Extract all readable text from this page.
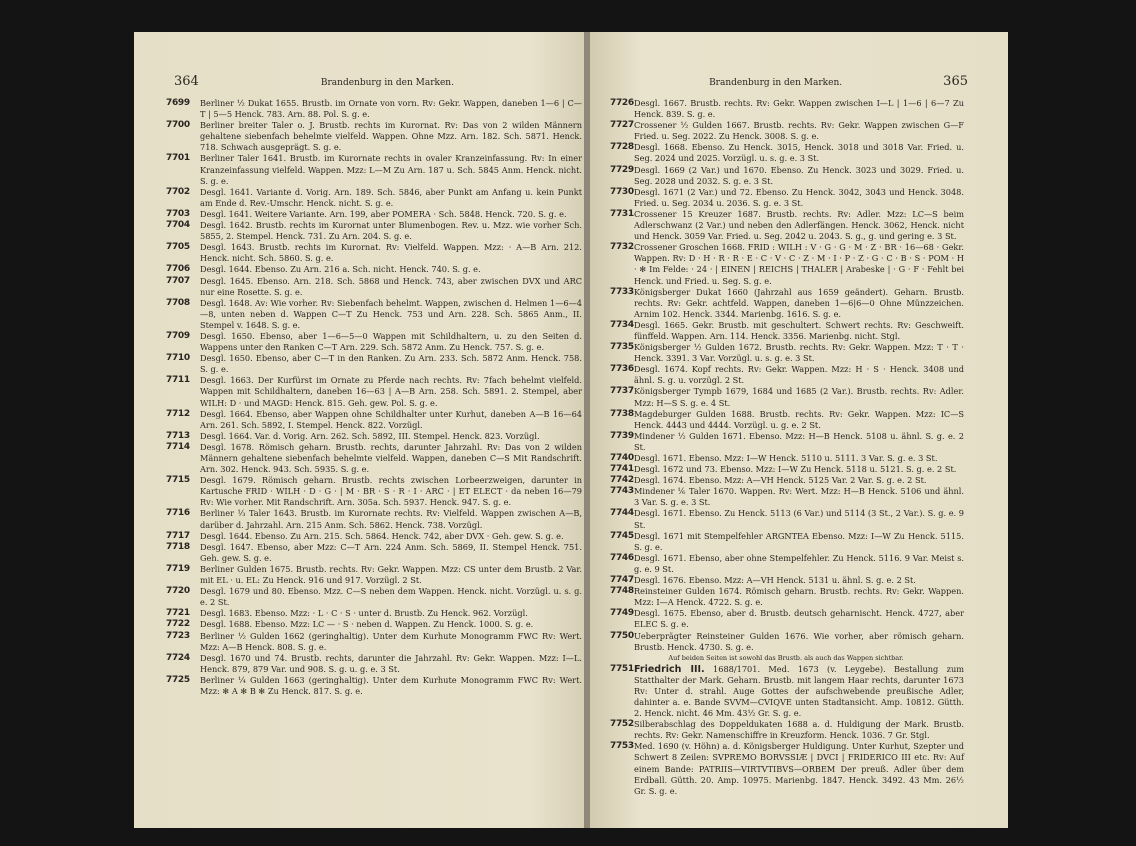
364	Brandenburg in den Marken.

7699 Berliner ½ Dukat 1655. Brustb. im Ornate von vorn. Rv: Gekr. Wappen, daneben 1—6 | C—T | 5—5 Henck. 783. Arn. 88. Pol. S. g. e.

7700 Berliner breiter Taler o. J. Brustb. rechts im Kurornat. Rv: Das von 2 wilden Männern gehaltene siebenfach behelmte vielfeld. Wappen. Ohne Mzz. Arn. 182. Sch. 5871. Henck. 718. Schwach ausgeprägt. S. g. e.

7701 Berliner Taler 1641. Brustb. im Kurornate rechts in ovaler Kranzeinfassung. Rv: In einer Kranzeinfassung vielfeld. Wappen. Mzz: L—M Zu Arn. 187 u. Sch. 5845 Anm. Henck. nicht. S. g. e.

7702 Desgl. 1641. Variante d. Vorig. Arn. 189. Sch. 5846, aber Punkt am Anfang u. kein Punkt am Ende d. Rev.-Umschr. Henck. nicht. S. g. e.

7703 Desgl. 1641. Weitere Variante. Arn. 199, aber POMERA · Sch. 5848. Henck. 720. S. g. e.

7704 Desgl. 1642. Brustb. rechts im Kurornat unter Blumenbogen. Rev. u. Mzz. wie vorher Sch. 5855, 2. Stempel. Henck. 731. Zu Arn. 204. S. g. e.

7705 Desgl. 1643. Brustb. rechts im Kurornat. Rv: Vielfeld. Wappen. Mzz: · A—B Arn. 212. Henck. nicht. Sch. 5860. S. g. e.

7706 Desgl. 1644. Ebenso. Zu Arn. 216 a. Sch. nicht. Henck. 740. S. g. e.

7707 Desgl. 1645. Ebenso. Arn. 218. Sch. 5868 und Henck. 743, aber zwischen DVX und ARC nur eine Rosette. S. g. e.

7708 Desgl. 1648. Av: Wie vorher. Rv: Siebenfach behelmt. Wappen, zwischen d. Helmen 1—6—4—8, unten neben d. Wappen C—T Zu Henck. 753 und Arn. 228. Sch. 5865 Anm., II. Stempel v. 1648. S. g. e.

7709 Desgl. 1650. Ebenso, aber 1—6—5—0 Wappen mit Schildhaltern, u. zu den Seiten d. Wappens unter den Ranken C—T Arn. 229. Sch. 5872 Anm. Zu Henck. 757. S. g. e.

7710 Desgl. 1650. Ebenso, aber C—T in den Ranken. Zu Arn. 233. Sch. 5872 Anm. Henck. 758. S. g. e.

7711 Desgl. 1663. Der Kurfürst im Ornate zu Pferde nach rechts. Rv: 7fach behelmt vielfeld. Wappen mit Schildhaltern, daneben 16—63 | A—B Arn. 258. Sch. 5891. 2. Stempel, aber WILH: D · und MAGD: Henck. 815. Geh. gew. Pol. S. g. e.

7712 Desgl. 1664. Ebenso, aber Wappen ohne Schildhalter unter Kurhut, daneben A—B 16—64 Arn. 261. Sch. 5892, I. Stempel. Henck. 822. Vorzügl.

7713 Desgl. 1664. Var. d. Vorig. Arn. 262. Sch. 5892, III. Stempel. Henck. 823. Vorzügl.

7714 Desgl. 1678. Römisch geharn. Brustb. rechts, darunter Jahrzahl. Rv: Das von 2 wilden Männern gehaltene siebenfach behelmte vielfeld. Wappen, daneben C—S Mit Randschrift. Arn. 302. Henck. 943. Sch. 5935. S. g. e.

7715 Desgl. 1679. Römisch geharn. Brustb. rechts zwischen Lorbeerzweigen, darunter in Kartusche FRID · WILH · D · G · | M · BR · S · R · I · ARC · | ET ELECT · da neben 16—79 Rv: Wie vorher. Mit Randschrift. Arn. 305a. Sch. 5937. Henck. 947. S. g. e.

7716 Berliner ⅓ Taler 1643. Brustb. im Kurornate rechts. Rv: Vielfeld. Wappen zwischen A—B, darüber d. Jahrzahl. Arn. 215 Anm. Sch. 5862. Henck. 738. Vorzügl.

7717 Desgl. 1644. Ebenso. Zu Arn. 215. Sch. 5864. Henck. 742, aber DVX · Geh. gew. S. g. e.

7718 Desgl. 1647. Ebenso, aber Mzz: C—T Arn. 224 Anm. Sch. 5869, II. Stempel Henck. 751. Geh. gew. S. g. e.

7719 Berliner Gulden 1675. Brustb. rechts. Rv: Gekr. Wappen. Mzz: CS unter dem Brustb. 2 Var. mit EL · u. EL: Zu Henck. 916 und 917. Vorzügl. 2 St.

7720 Desgl. 1679 und 80. Ebenso. Mzz. C—S neben dem Wappen. Henck. nicht. Vorzügl. u. s. g. e. 2 St.

7721 Desgl. 1683. Ebenso. Mzz: · L · C · S · unter d. Brustb. Zu Henck. 962. Vorzügl.

7722 Desgl. 1688. Ebenso. Mzz: LC — · S · neben d. Wappen. Zu Henck. 1000. S. g. e.

7723 Berliner ½ Gulden 1662 (geringhaltig). Unter dem Kurhute Monogramm FWC Rv: Wert. Mzz: A—B Henck. 808. S. g. e.

7724 Desgl. 1670 und 74. Brustb. rechts, darunter die Jahrzahl. Rv: Gekr. Wappen. Mzz: I—L. Henck. 879, 879 Var. und 908. S. g. u. g. e. 3 St.

7725 Berliner ¼ Gulden 1663 (geringhaltig). Unter dem Kurhute Monogramm FWC Rv: Wert. Mzz: ✻ A ✻ B ✻ Zu Henck. 817. S. g. e.

Brandenburg in den Marken.	365

7726 Desgl. 1667. Brustb. rechts. Rv: Gekr. Wappen zwischen I—L | 1—6 | 6—7 Zu Henck. 839. S. g. e.

7727 Crossener ½ Gulden 1667. Brustb. rechts. Rv: Gekr. Wappen zwischen G—F Fried. u. Seg. 2022. Zu Henck. 3008. S. g. e.

7728 Desgl. 1668. Ebenso. Zu Henck. 3015, Henck. 3018 und 3018 Var. Fried. u. Seg. 2024 und 2025. Vorzügl. u. s. g. e. 3 St.

7729 Desgl. 1669 (2 Var.) und 1670. Ebenso. Zu Henck. 3023 und 3029. Fried. u. Seg. 2028 und 2032. S. g. e. 3 St.

7730 Desgl. 1671 (2 Var.) und 72. Ebenso. Zu Henck. 3042, 3043 und Henck. 3048. Fried. u. Seg. 2034 u. 2036. S. g. e. 3 St.

7731 Crossener 15 Kreuzer 1687. Brustb. rechts. Rv: Adler. Mzz: LC—S beim Adlerschwanz (2 Var.) und neben den Adlerfängen. Henck. 3062, Henck. nicht und Henck. 3059 Var. Fried. u. Seg. 2042 u. 2043. S. g., g. und gering e. 3 St.

7732 Crossener Groschen 1668. FRID : WILH : V · G · G · M · Z · BR · 16—68 · Gekr. Wappen. Rv: D · H · R · R · E · C · V · C · Z · M · I · P · Z · G · C · B · S · POM · H · ✻ Im Felde: · 24 · | EINEN | REICHS | THALER | Arabeske | · G · F · Fehlt bei Henck. und Fried. u. Seg. S. g. e.

7733 Königsberger Dukat 1660 (Jahrzahl aus 1659 geändert). Geharn. Brustb. rechts. Rv: Gekr. achtfeld. Wappen, daneben 1—6|6—0 Ohne Münzzeichen. Arnim 102. Henck. 3344. Marienbg. 1616. S. g. e.

7734 Desgl. 1665. Gekr. Brustb. mit geschultert. Schwert rechts. Rv: Geschweift. fünffeld. Wappen. Arn. 114. Henck. 3356. Marienbg. nicht. Stgl.

7735 Königsberger ½ Gulden 1672. Brustb. rechts. Rv: Gekr. Wappen. Mzz: T · T · Henck. 3391. 3 Var. Vorzügl. u. s. g. e. 3 St.

7736 Desgl. 1674. Kopf rechts. Rv: Gekr. Wappen. Mzz: H · S · Henck. 3408 und ähnl. S. g. u. vorzügl. 2 St.

7737 Königsberger Tympb 1679, 1684 und 1685 (2 Var.). Brustb. rechts. Rv: Adler. Mzz: H—S S. g. e. 4 St.

7738 Magdeburger Gulden 1688. Brustb. rechts. Rv: Gekr. Wappen. Mzz: IC—S Henck. 4443 und 4444. Vorzügl. u. g. e. 2 St.

7739 Mindener ½ Gulden 1671. Ebenso. Mzz: H—B Henck. 5108 u. ähnl. S. g. e. 2 St.

7740 Desgl. 1671. Ebenso. Mzz: I—W Henck. 5110 u. 5111. 3 Var. S. g. e. 3 St.

7741 Desgl. 1672 und 73. Ebenso. Mzz: I—W Zu Henck. 5118 u. 5121. S. g. e. 2 St.

7742 Desgl. 1674. Ebenso. Mzz: A—VH Henck. 5125 Var. 2 Var. S. g. e. 2 St.

7743 Mindener ⅙ Taler 1670. Wappen. Rv: Wert. Mzz: H—B Henck. 5106 und ähnl. 3 Var. S. g. e. 3 St.

7744 Desgl. 1671. Ebenso. Zu Henck. 5113 (6 Var.) und 5114 (3 St., 2 Var.). S. g. e. 9 St.

7745 Desgl. 1671 mit Stempelfehler ARGNTEA Ebenso. Mzz: I—W Zu Henck. 5115. S. g. e.

7746 Desgl. 1671. Ebenso, aber ohne Stempelfehler. Zu Henck. 5116. 9 Var. Meist s. g. e. 9 St.

7747 Desgl. 1676. Ebenso. Mzz: A—VH Henck. 5131 u. ähnl. S. g. e. 2 St.

7748 Reinsteiner Gulden 1674. Römisch geharn. Brustb. rechts. Rv: Gekr. Wappen. Mzz: I—A Henck. 4722. S. g. e.

7749 Desgl. 1675. Ebenso, aber d. Brustb. deutsch geharnischt. Henck. 4727, aber ELEC S. g. e.

7750 Ueberprägter Reinsteiner Gulden 1676. Wie vorher, aber römisch geharn. Brustb. Henck. 4730. S. g. e.

Auf beiden Seiten ist sowohl das Brustb. als auch das Wappen sichtbar.

7751 Friedrich III. 1688/1701. Med. 1673 (v. Leygebe). Bestallung zum Statthalter der Mark. Geharn. Brustb. mit langem Haar rechts, darunter 1673 Rv: Unter d. strahl. Auge Gottes der aufschwebende preußische Adler, dahinter a. e. Bande SVVM—CVIQVE unten Stadtansicht. Amp. 10812. Gütth. 2. Henck. nicht. 46 Mm. 43½ Gr. S. g. e.

7752 Silberabschlag des Doppeldukaten 1688 a. d. Huldigung der Mark. Brustb. rechts. Rv: Gekr. Namenschiffre in Kreuzform. Henck. 1036. 7 Gr. Stgl.

7753 Med. 1690 (v. Höhn) a. d. Königsberger Huldigung. Unter Kurhut, Szepter und Schwert 8 Zeilen: SVPREMO BORVSSIÆ | DVCI | FRIDERICO III etc. Rv: Auf einem Bande: PATRIIS—VIRTVTIBVS—ORBEM Der preuß. Adler über dem Erdball. Gütth. 20. Amp. 10975. Marienbg. 1847. Henck. 3492. 43 Mm. 26½ Gr. S. g. e.
